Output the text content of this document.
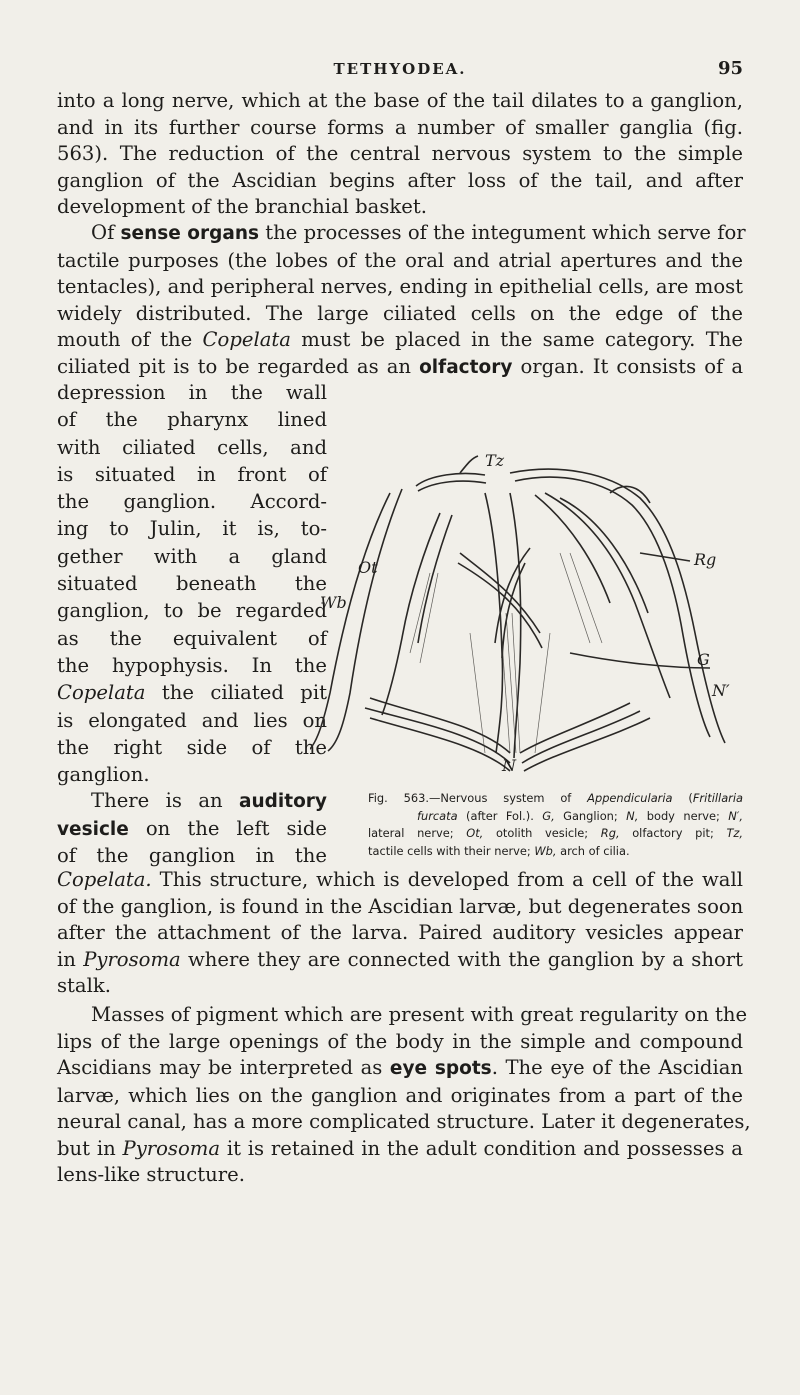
TETHYODEA.	95
into a long nerve, which at the base of the tail dilates to a ganglion,
and in its further course forms a number of smaller ganglia (fig.
563). The reduction of the central nervous system to the simple
ganglion of the Ascidian begins after loss of the tail, and after
development of the branchial basket.
Of sense organs the processes of the integument which serve for
tactile purposes (the lobes of the oral and atrial apertures and the
tentacles), and peripheral nerves, ending in epithelial cells, are most
widely distributed. The large ciliated cells on the edge of the
mouth of the Copelata must be placed in the same category. The
ciliated pit is to be regarded as an olfactory organ. It consists of a
depression in the wall
of the pharynx lined
with ciliated cells, and
is situated in front of
the ganglion. Accord-
ing to Julin, it is, to-
gether with a gland
situated beneath the
ganglion, to be regarded
as the equivalent of
the hypophysis. In the
Copelata the ciliated pit
is elongated and lies on
the right side of the
ganglion.
There is an auditory
vesicle on the left side
of the ganglion in the
Copelata. This structure, which is developed from a cell of the wall
of the ganglion, is found in the Ascidian larvæ, but degenerates soon
after the attachment of the larva. Paired auditory vesicles appear
in Pyrosoma where they are connected with the ganglion by a short
stalk.
Masses of pigment which are present with great regularity on the
lips of the large openings of the body in the simple and compound
Ascidians may be interpreted as eye spots. The eye of the Ascidian
larvæ, which lies on the ganglion and originates from a part of the
neural canal, has a more complicated structure. Later it degenerates,
but in Pyrosoma it is retained in the adult condition and possesses a
lens-like structure.
Tz
Ot
Wb
Rg
G
N′
N
Fig. 563.—Nervous system of Appendicularia (Fritillaria
furcata (after Fol.). G, Ganglion; N, body nerve; N′,
lateral nerve; Ot, otolith vesicle; Rg, olfactory pit; Tz,
tactile cells with their nerve; Wb, arch of cilia.
